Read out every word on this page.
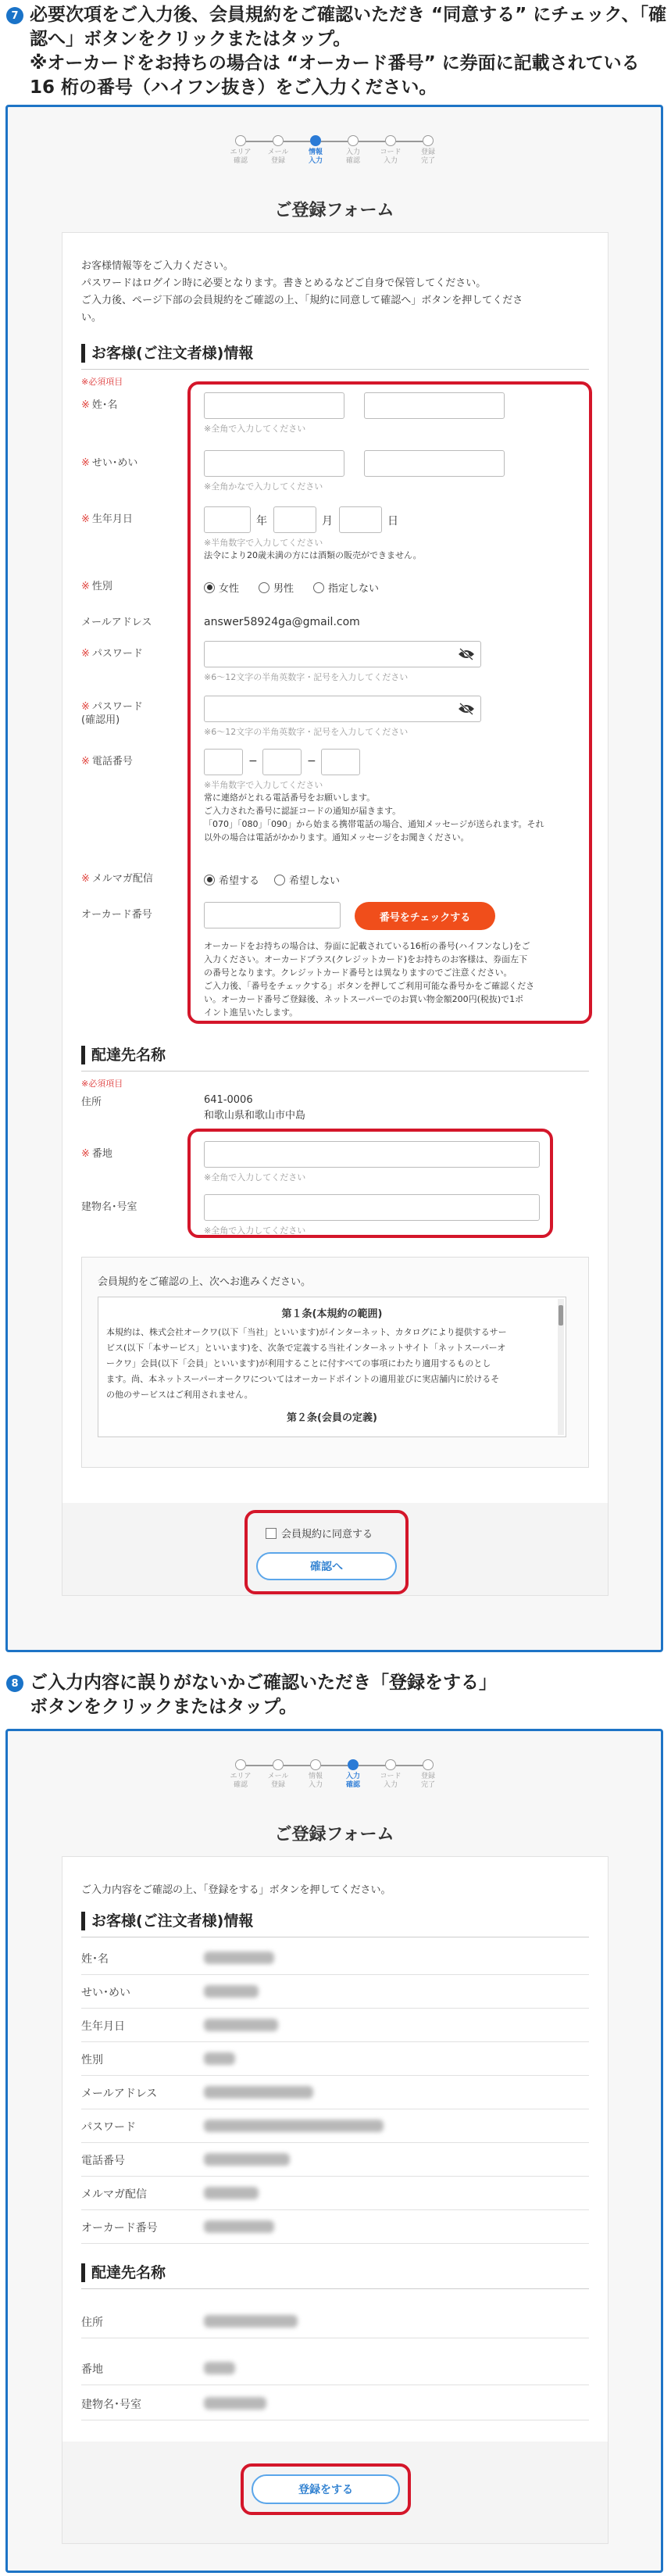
7 必要次項をご入力後、会員規約をご確認いただき “同意する” にチェック、「確認へ」ボタンをクリックまたはタップ。
※オーカードをお持ちの場合は “オーカード番号” に券面に記載されている 16 桁の番号（ハイフン抜き）をご入力ください。
エリア
確認
メール
登録
情報
入力
入力
確認
コード
入力
登録
完了
ご登録フォーム
お客様情報等をご入力ください。
パスワードはログイン時に必要となります。書きとめるなどご自身で保管してください。
ご入力後、ページ下部の会員規約をご確認の上、「規約に同意して確認へ」ボタンを押してくださ
い。
お客様(ご注文者様)情報
※必須項目
※ 姓･名
※全角で入力してください
※ せい･めい
※全角かなで入力してください
※ 生年月日	年	月	日
※半角数字で入力してください
法令により20歳未満の方には酒類の販売ができません。
※ 性別	女性	男性	指定しない
メールアドレス	answer58924ga@gmail.com
※ パスワード
※6〜12文字の半角英数字・記号を入力してください
※ パスワード
(確認用)
※6〜12文字の半角英数字・記号を入力してください
※ 電話番号	−	−
※半角数字で入力してください
常に連絡がとれる電話番号をお願いします。
ご入力された番号に認証コードの通知が届きます。
「070」「080」「090」から始まる携帯電話の場合、通知メッセージが送られます。それ
以外の場合は電話がかかります。通知メッセージをお聞きください。
※ メルマガ配信	希望する	希望しない
オーカード番号	番号をチェックする
オーカードをお持ちの場合は、券面に記載されている16桁の番号(ハイフンなし)をご
入力ください。オーカードプラス(クレジットカード)をお持ちのお客様は、券面左下
の番号となります。クレジットカード番号とは異なりますのでご注意ください。
ご入力後、「番号をチェックする」ボタンを押してご利用可能な番号かをご確認くださ
い。オーカード番号ご登録後、ネットスーパーでのお買い物金額200円(税抜)で1ポ
イント進呈いたします。
配達先名称
※必須項目
住所	641-0006
和歌山県和歌山市中島
※ 番地
※全角で入力してください
建物名･号室
※全角で入力してください
会員規約をご確認の上、次へお進みください。
第１条(本規約の範囲)
本規約は、株式会社オークワ(以下「当社」といいます)がインターネット、カタログにより提供するサー
ビス(以下「本サービス」といいます)を、次条で定義する当社インターネットサイト「ネットスーパーオ
ークワ」会員(以下「会員」といいます)が利用することに付すべての事項にわたり適用するものとし
ます。尚、本ネットスーパーオークワについてはオーカードポイントの適用並びに実店舗内に於けるそ
の他のサービスはご利用されません。
第２条(会員の定義)
会員規約に同意する
確認へ
8 ご入力内容に誤りがないかご確認いただき「登録をする」
ボタンをクリックまたはタップ。
エリア
確認
メール
登録
情報
入力
入力
確認
コード
入力
登録
完了
ご登録フォーム
ご入力内容をご確認の上、「登録をする」ボタンを押してください。
お客様(ご注文者様)情報
姓･名
せい･めい
生年月日
性別
メールアドレス
パスワード
電話番号
メルマガ配信
オーカード番号
配達先名称
住所
番地
建物名･号室
登録をする
